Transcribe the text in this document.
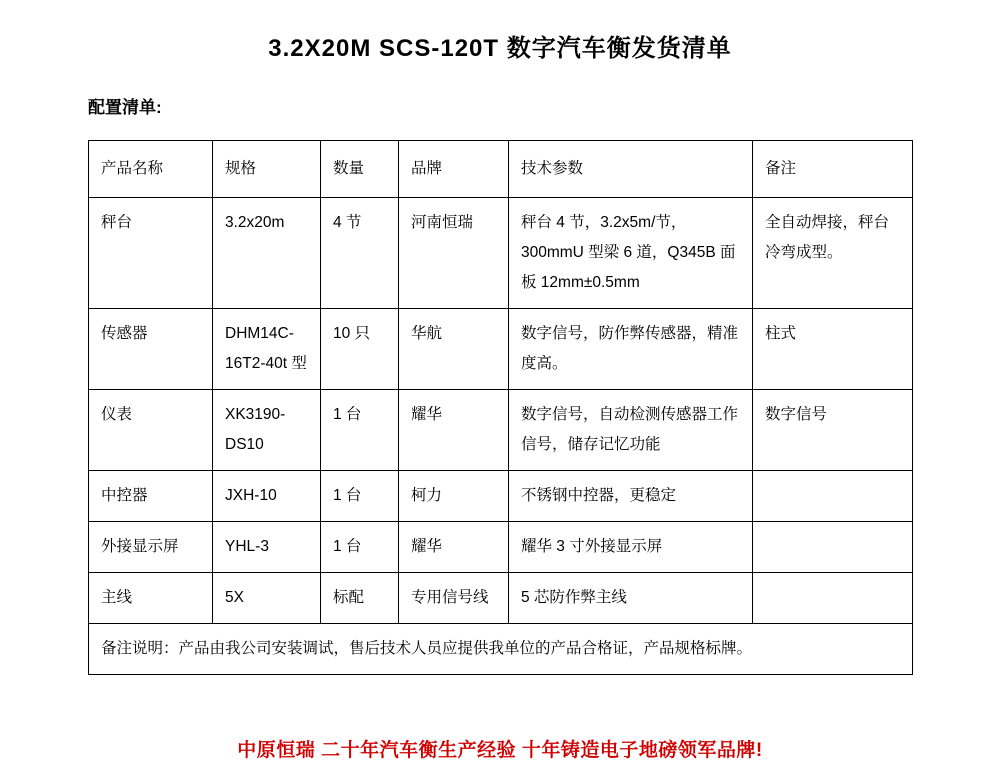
3.2X20M SCS-120T 数字汽车衡发货清单
配置清单:
产品名称	规格	数量	品牌	技术参数	备注
秤台	3.2x20m	4 节	河南恒瑞	秤台 4 节，3.2x5m/节，300mmU 型梁 6 道，Q345B 面板 12mm±0.5mm	全自动焊接，秤台冷弯成型。
传感器	DHM14C-16T2-40t 型	10 只	华航	数字信号，防作弊传感器，精准度高。	柱式
仪表	XK3190-DS10	1 台	耀华	数字信号，自动检测传感器工作信号，储存记忆功能	数字信号
中控器	JXH-10	1 台	柯力	不锈钢中控器，更稳定	
外接显示屏	YHL-3	1 台	耀华	耀华 3 寸外接显示屏	
主线	5X	标配	专用信号线	5 芯防作弊主线	
备注说明：产品由我公司安装调试，售后技术人员应提供我单位的产品合格证，产品规格标牌。					
中原恒瑞 二十年汽车衡生产经验 十年铸造电子地磅领军品牌!
